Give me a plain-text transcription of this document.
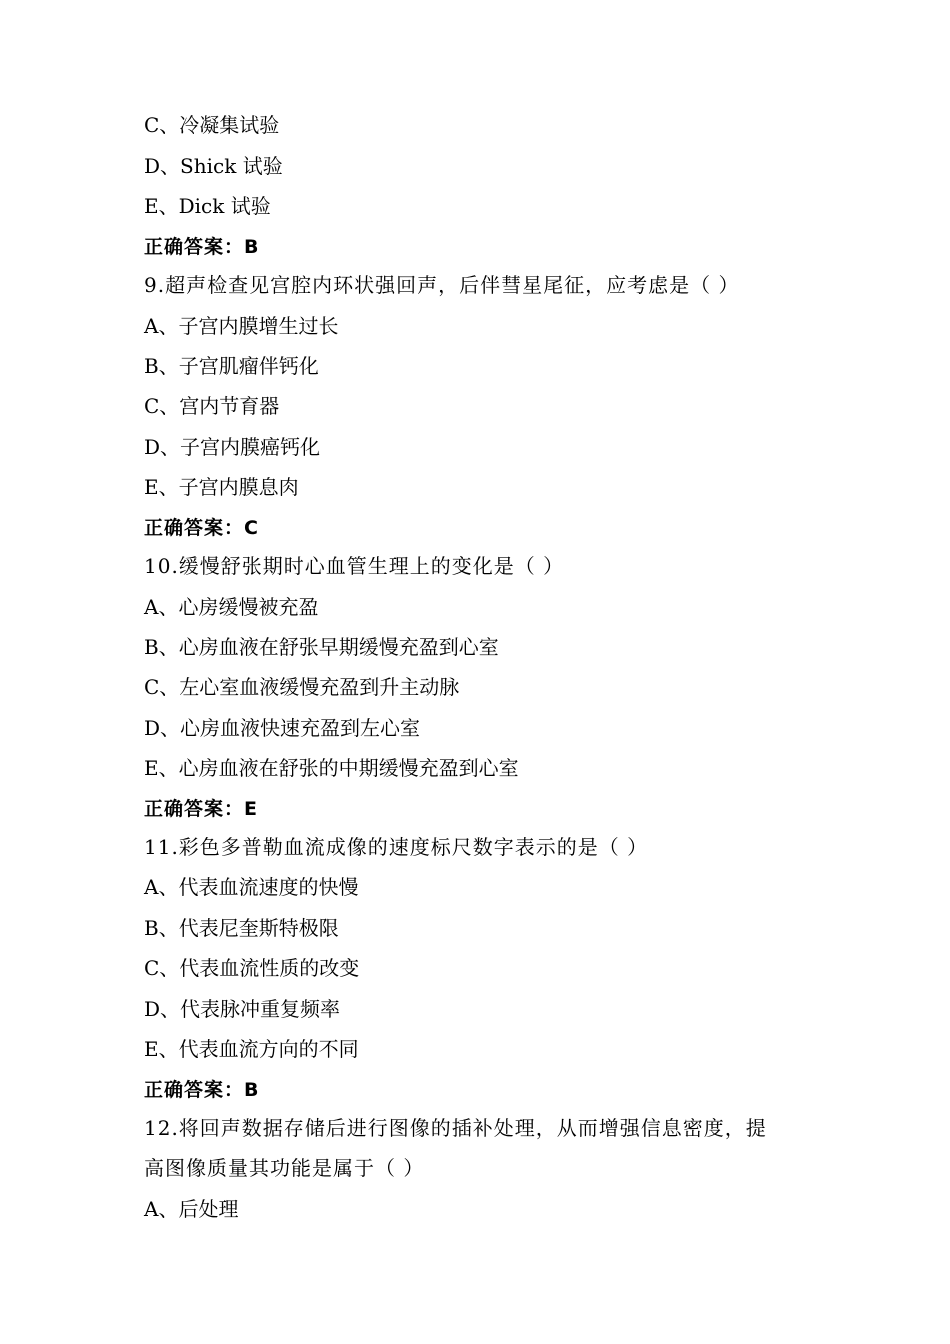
C、冷凝集试验
D、Shick 试验
E、Dick 试验
正确答案：B
9.超声检查见宫腔内环状强回声，后伴彗星尾征，应考虑是（ ）
A、子宫内膜增生过长
B、子宫肌瘤伴钙化
C、宫内节育器
D、子宫内膜癌钙化
E、子宫内膜息肉
正确答案：C
10.缓慢舒张期时心血管生理上的变化是（ ）
A、心房缓慢被充盈
B、心房血液在舒张早期缓慢充盈到心室
C、左心室血液缓慢充盈到升主动脉
D、心房血液快速充盈到左心室
E、心房血液在舒张的中期缓慢充盈到心室
正确答案：E
11.彩色多普勒血流成像的速度标尺数字表示的是（ ）
A、代表血流速度的快慢
B、代表尼奎斯特极限
C、代表血流性质的改变
D、代表脉冲重复频率
E、代表血流方向的不同
正确答案：B
12.将回声数据存储后进行图像的插补处理，从而增强信息密度，提
高图像质量其功能是属于（ ）
A、后处理
